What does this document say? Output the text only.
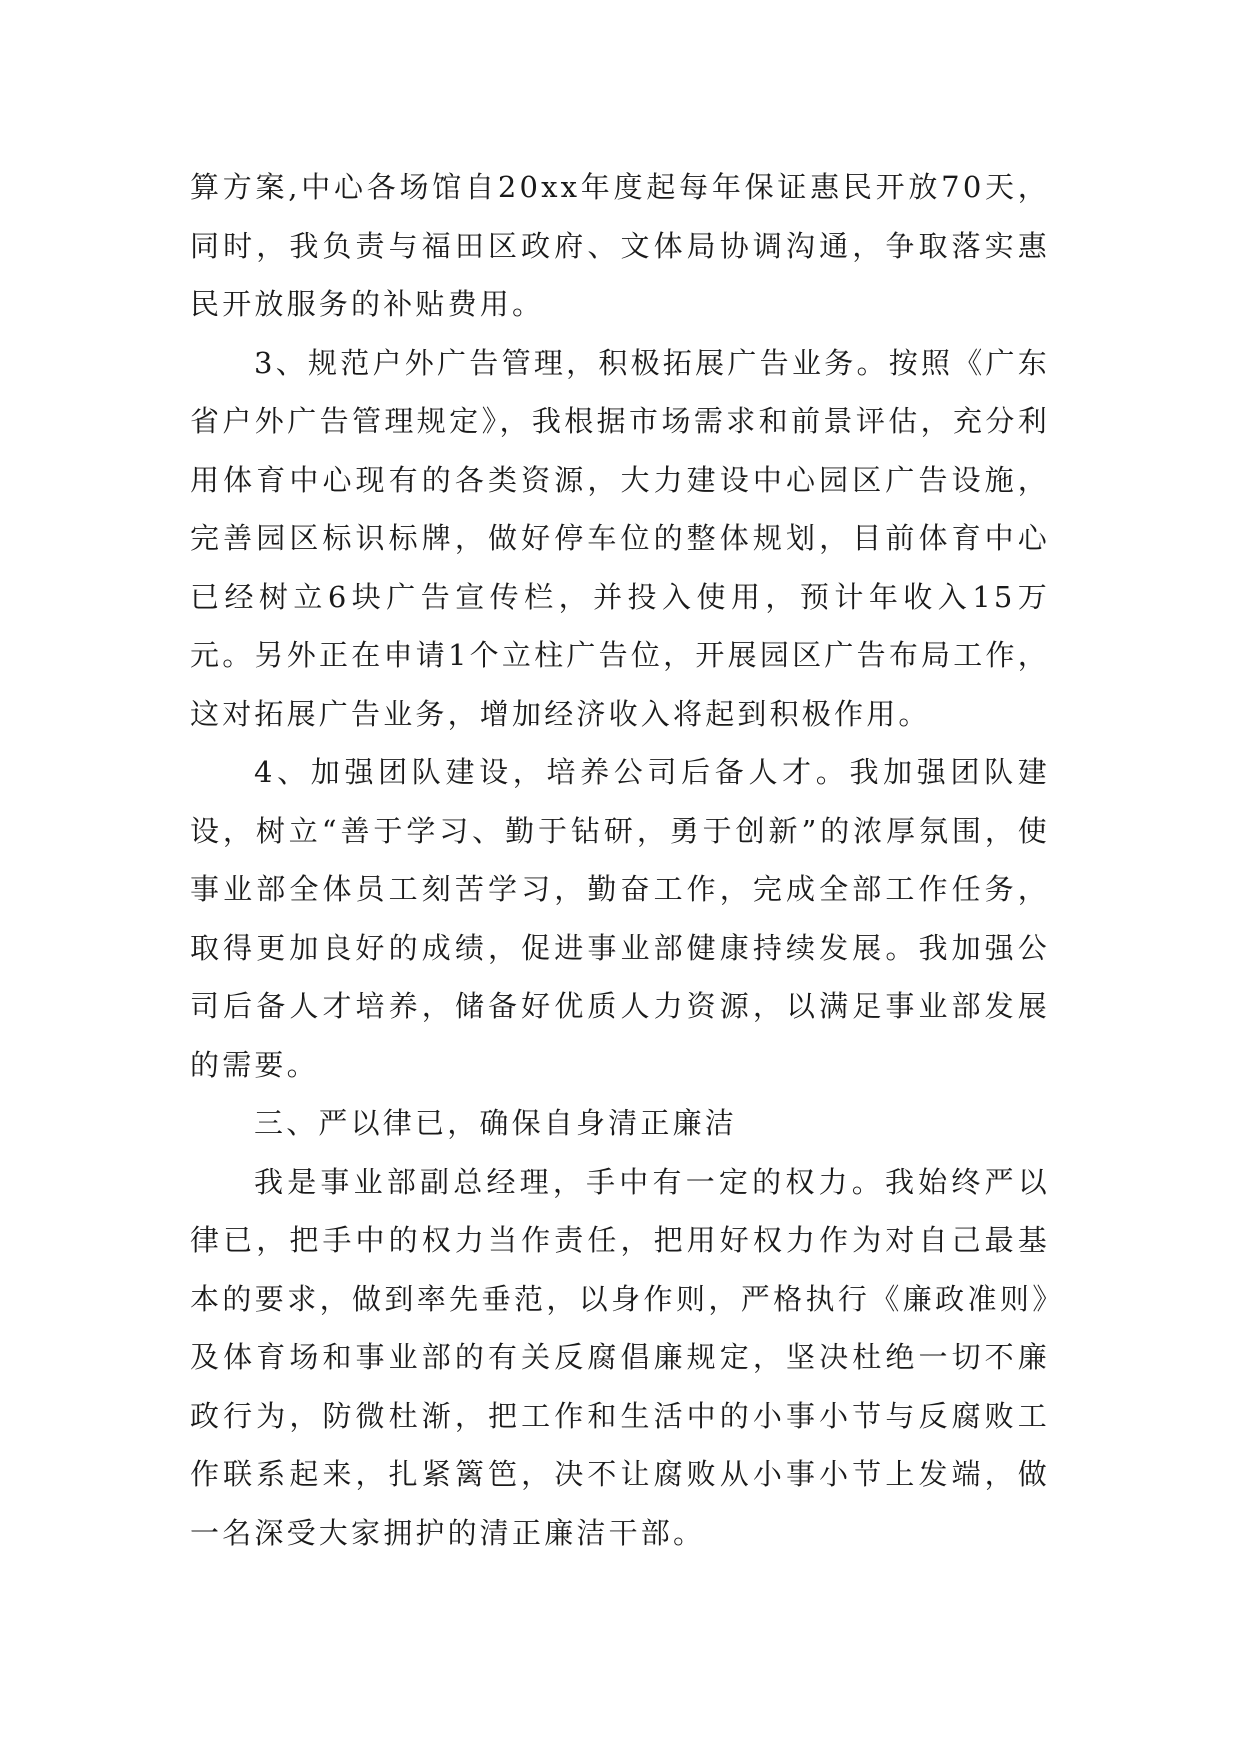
算方案,中心各场馆自20xx年度起每年保证惠民开放70天，同时，我负责与福田区政府、文体局协调沟通，争取落实惠民开放服务的补贴费用。

3、规范户外广告管理，积极拓展广告业务。按照《广东省户外广告管理规定》，我根据市场需求和前景评估，充分利用体育中心现有的各类资源，大力建设中心园区广告设施，完善园区标识标牌，做好停车位的整体规划，目前体育中心已经树立6块广告宣传栏，并投入使用，预计年收入15万元。另外正在申请1个立柱广告位，开展园区广告布局工作，这对拓展广告业务，增加经济收入将起到积极作用。

4、加强团队建设，培养公司后备人才。我加强团队建设，树立“善于学习、勤于钻研，勇于创新”的浓厚氛围，使事业部全体员工刻苦学习，勤奋工作，完成全部工作任务，取得更加良好的成绩，促进事业部健康持续发展。我加强公司后备人才培养，储备好优质人力资源，以满足事业部发展的需要。

三、严以律已，确保自身清正廉洁

我是事业部副总经理，手中有一定的权力。我始终严以律已，把手中的权力当作责任，把用好权力作为对自己最基本的要求，做到率先垂范，以身作则，严格执行《廉政准则》及体育场和事业部的有关反腐倡廉规定，坚决杜绝一切不廉政行为，防微杜渐，把工作和生活中的小事小节与反腐败工作联系起来，扎紧篱笆，决不让腐败从小事小节上发端，做一名深受大家拥护的清正廉洁干部。
